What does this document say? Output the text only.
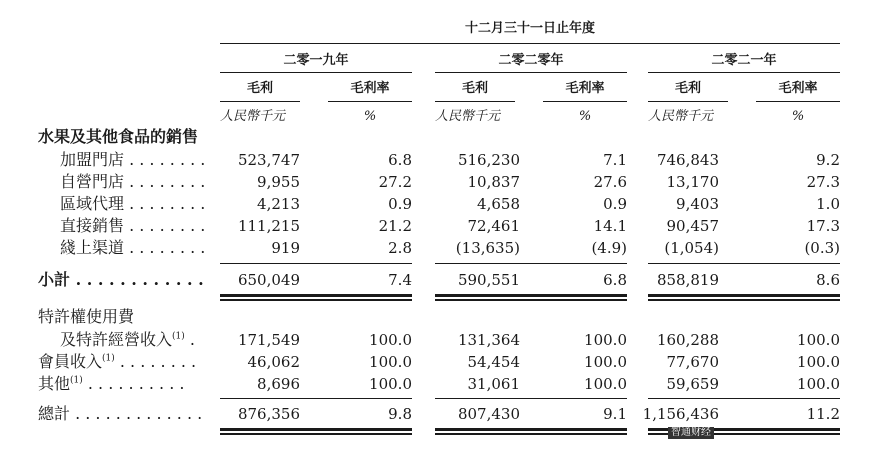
十二月三十一日止年度
二零一九年	二零二零年	二零二一年
毛利	毛利率	毛利	毛利率	毛利	毛利率
人民幣千元	%	人民幣千元	%	人民幣千元	%
水果及其他食品的銷售
加盟門店 . . . . . . . .	523,747	6.8	516,230	7.1	746,843	9.2
自營門店 . . . . . . . .	9,955	27.2	10,837	27.6	13,170	27.3
區域代理 . . . . . . . .	4,213	0.9	4,658	0.9	9,403	1.0
直接銷售 . . . . . . . .	111,215	21.2	72,461	14.1	90,457	17.3
綫上渠道 . . . . . . . .	919	2.8	(13,635)	(4.9)	(1,054)	(0.3)
小計 . . . . . . . . . . . .	650,049	7.4	590,551	6.8	858,819	8.6
特許權使用費
及特許經營收入$^{(1)}$ .	171,549	100.0	131,364	100.0	160,288	100.0
會員收入$^{(1)}$ . . . . . . . .	46,062	100.0	54,454	100.0	77,670	100.0
其他$^{(1)}$ . . . . . . . . . .	8,696	100.0	31,061	100.0	59,659	100.0
總計 . . . . . . . . . . . . .	876,356	9.8	807,430	9.1	1,156,436	11.2
智通财经
